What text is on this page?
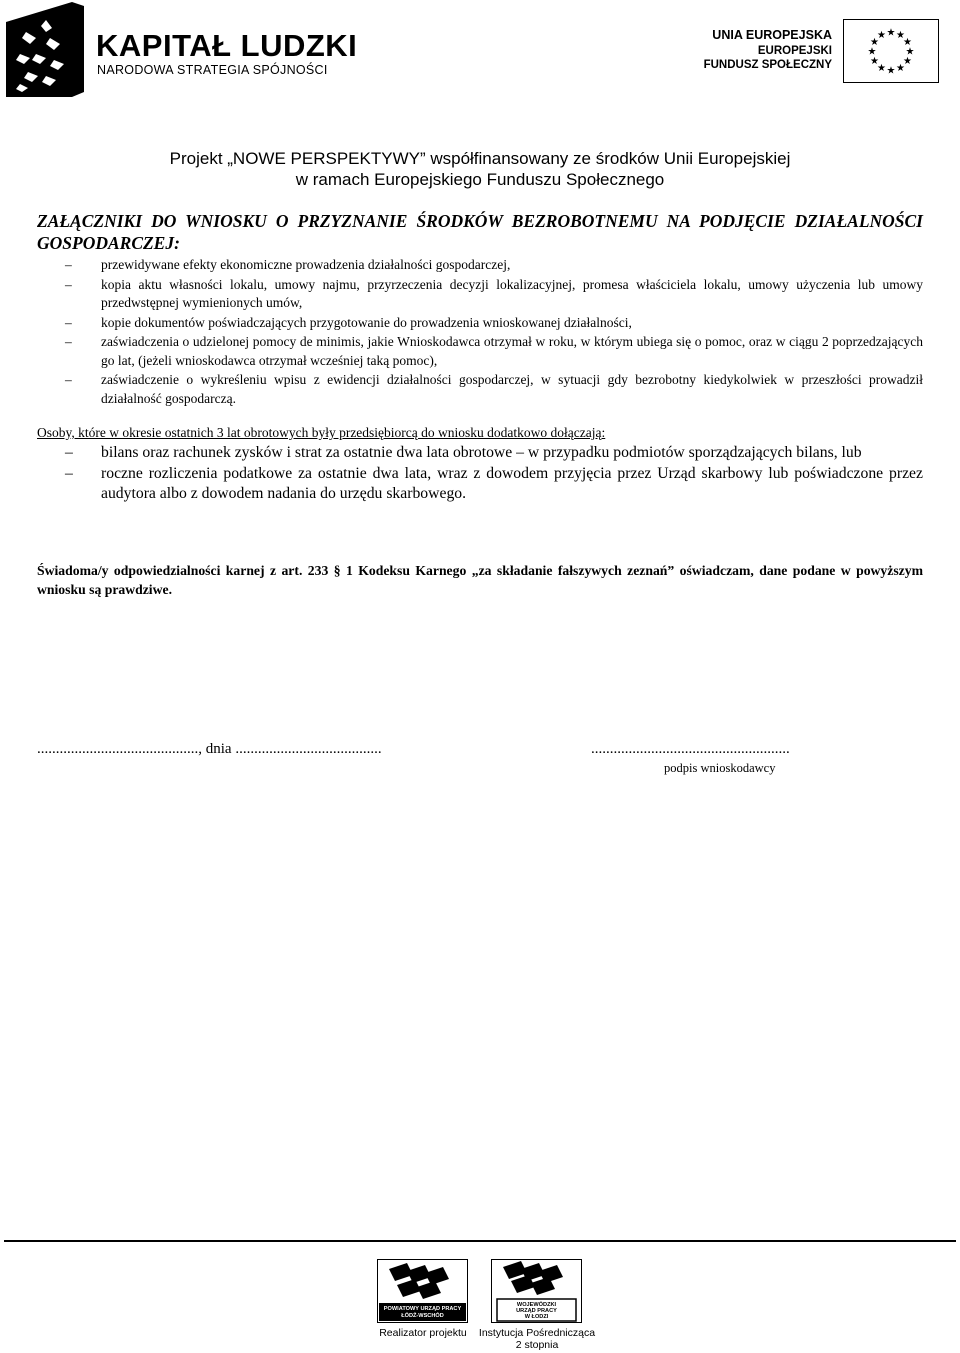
KAPITAŁ LUDZKI
NARODOWA STRATEGIA SPÓJNOŚCI
UNIA EUROPEJSKA
EUROPEJSKI
FUNDUSZ SPOŁECZNY
★ ★
★
★
★
★
★
★
★
★
★
★
Projekt „NOWE PERSPEKTYWY” współfinansowany ze środków Unii Europejskiej
w ramach Europejskiego Funduszu Społecznego
ZAŁĄCZNIKI DO WNIOSKU O PRZYZNANIE ŚRODKÓW BEZROBOTNEMU NA PODJĘCIE DZIAŁALNOŚCI GOSPODARCZEJ:
– przewidywane efekty ekonomiczne prowadzenia działalności gospodarczej,
– kopia aktu własności lokalu, umowy najmu, przyrzeczenia decyzji lokalizacyjnej, promesa właściciela lokalu, umowy użyczenia lub umowy przedwstępnej wymienionych umów,
– kopie dokumentów poświadczających przygotowanie do prowadzenia wnioskowanej działalności,
– zaświadczenia o udzielonej pomocy de minimis, jakie Wnioskodawca otrzymał w roku, w którym ubiega się o pomoc, oraz w ciągu 2 poprzedzających go lat, (jeżeli wnioskodawca otrzymał wcześniej taką pomoc),
– zaświadczenie o wykreśleniu wpisu z ewidencji działalności gospodarczej, w sytuacji gdy bezrobotny kiedykolwiek w przeszłości prowadził działalność gospodarczą.
Osoby, które w okresie ostatnich 3 lat obrotowych były przedsiębiorcą do wniosku dodatkowo dołączają:
– bilans oraz rachunek zysków i strat za ostatnie dwa lata obrotowe – w przypadku podmiotów sporządzających bilans, lub
– roczne rozliczenia podatkowe za ostatnie dwa lata, wraz z dowodem przyjęcia przez Urząd skarbowy lub poświadczone przez audytora albo z dowodem nadania do urzędu skarbowego.
Świadoma/y odpowiedzialności karnej z art. 233 § 1 Kodeksu Karnego „za składanie fałszywych zeznań” oświadczam, dane podane w powyższym wniosku są prawdziwe.
..........................................., dnia .......................................	.....................................................
podpis wnioskodawcy
POWIATOWY URZĄD PRACY
ŁÓDŹ-WSCHÓD
Realizator projektu
WOJEWÓDZKI
URZĄD PRACY
W ŁODZI
Instytucja Pośrednicząca
2 stopnia
